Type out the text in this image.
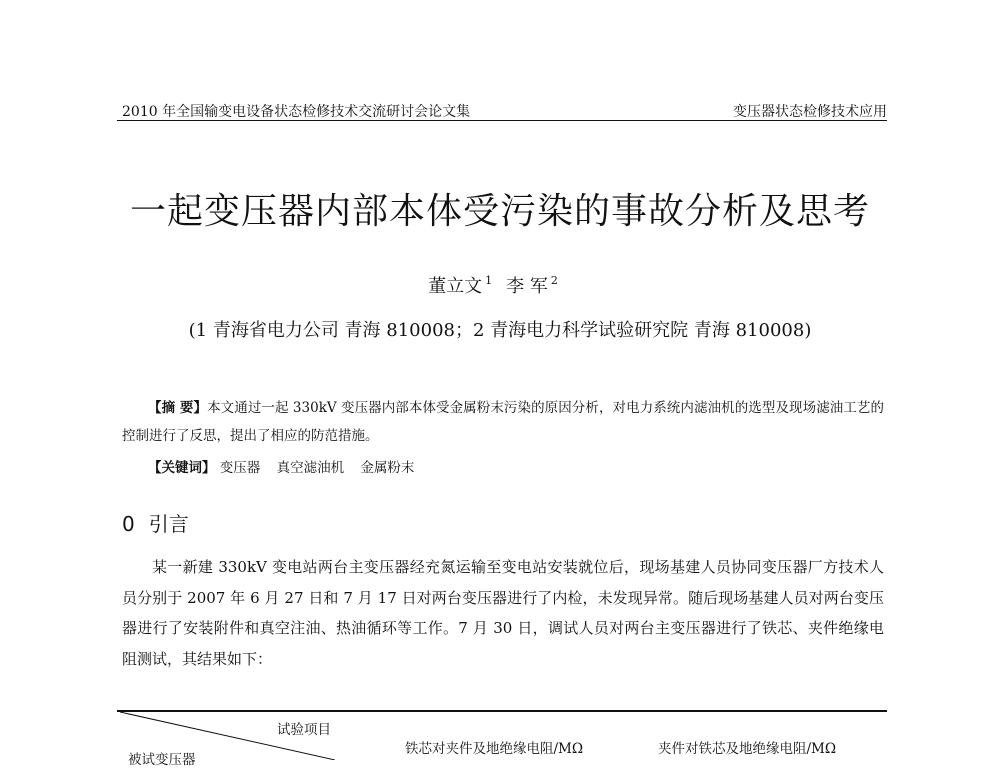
2010 年全国输变电设备状态检修技术交流研讨会论文集	变压器状态检修技术应用
一起变压器内部本体受污染的事故分析及思考
董立文 $^1$ 李 军 $^2$
(1 青海省电力公司 青海 810008；2 青海电力科学试验研究院 青海 810008)

【摘 要】本文通过一起 330kV 变压器内部本体受金属粉末污染的原因分析，对电力系统内滤油机的选型及现场滤油工艺的控制进行了反思，提出了相应的防范措施。

【关键词】 变压器 真空滤油机 金属粉末
0 引言

某一新建 330kV 变电站两台主变压器经充氮运输至变电站安装就位后，现场基建人员协同变压器厂方技术人员分别于 2007 年 6 月 27 日和 7 月 17 日对两台变压器进行了内检，未发现异常。随后现场基建人员对两台变压器进行了安装附件和真空注油、热油循环等工作。7 月 30 日，调试人员对两台主变压器进行了铁芯、夹件绝缘电阻测试，其结果如下：

试验项目
被试变压器
铁芯对夹件及地绝缘电阻/MΩ	夹件对铁芯及地绝缘电阻/MΩ
